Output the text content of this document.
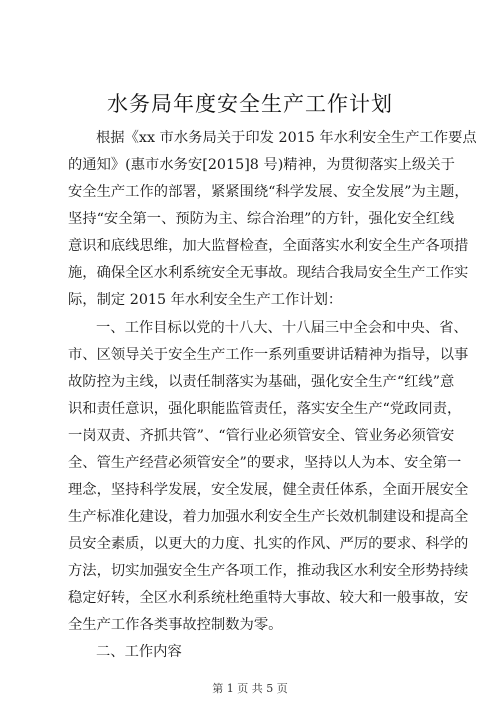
水务局年度安全生产工作计划
根据《xx 市水务局关于印发 2015 年水利安全生产工作要点
的通知》(惠市水务安[2015]8 号)精神，为贯彻落实上级关于
安全生产工作的部署，紧紧围绕“科学发展、安全发展”为主题，
坚持“安全第一、预防为主、综合治理”的方针，强化安全红线
意识和底线思维，加大监督检查，全面落实水利安全生产各项措
施，确保全区水利系统安全无事故。现结合我局安全生产工作实
际，制定 2015 年水利安全生产工作计划：
一、工作目标以党的十八大、十八届三中全会和中央、省、
市、区领导关于安全生产工作一系列重要讲话精神为指导，以事
故防控为主线，以责任制落实为基础，强化安全生产“红线”意
识和责任意识，强化职能监管责任，落实安全生产“党政同责，
一岗双责、齐抓共管”、“管行业必须管安全、管业务必须管安
全、管生产经营必须管安全”的要求，坚持以人为本、安全第一
理念，坚持科学发展，安全发展，健全责任体系，全面开展安全
生产标准化建设，着力加强水利安全生产长效机制建设和提高全
员安全素质，以更大的力度、扎实的作风、严厉的要求、科学的
方法，切实加强安全生产各项工作，推动我区水利安全形势持续
稳定好转，全区水利系统杜绝重特大事故、较大和一般事故，安
全生产工作各类事故控制数为零。
二、工作内容
第 1 页 共 5 页
